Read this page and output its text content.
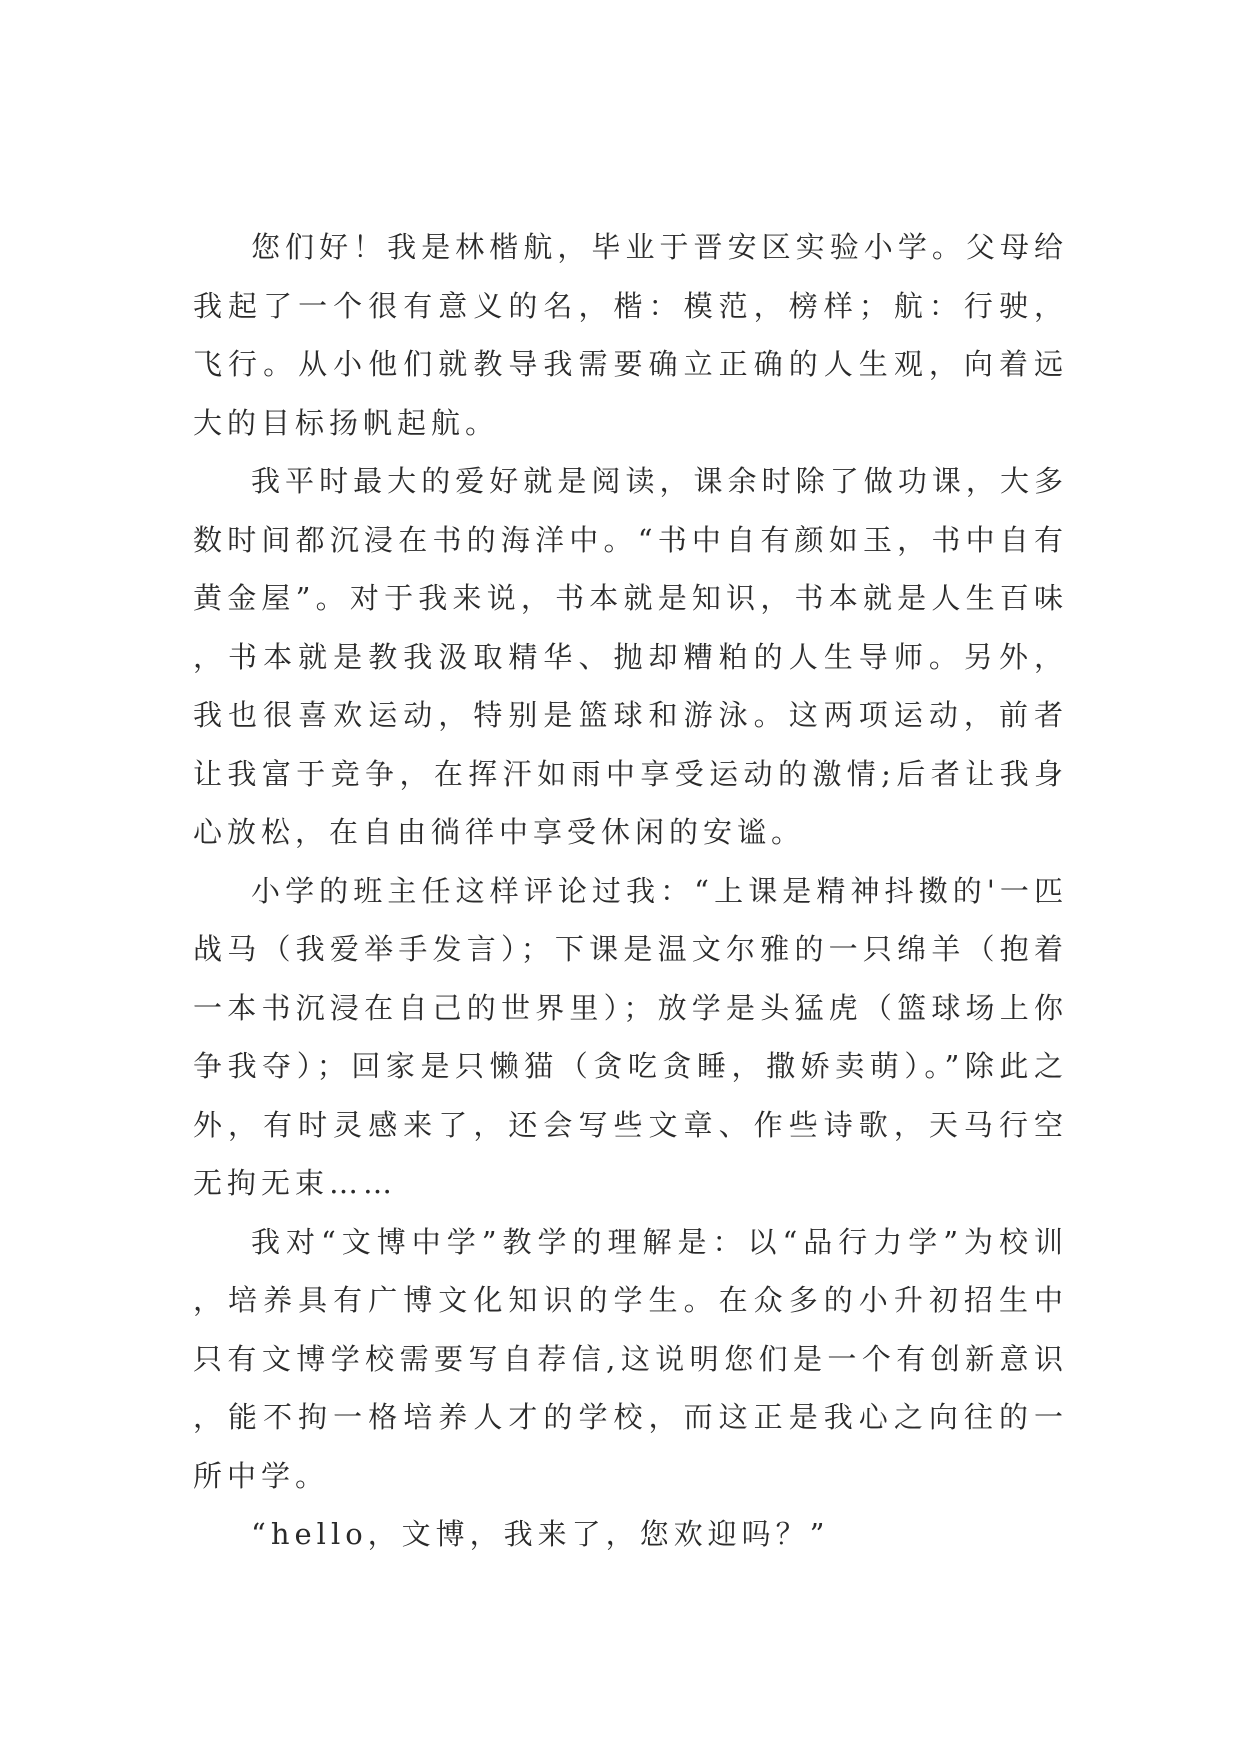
您们好！我是林楷航，毕业于晋安区实验小学。父母给我起了一个很有意义的名，楷：模范，榜样；航：行驶，飞行。从小他们就教导我需要确立正确的人生观，向着远大的目标扬帆起航。

我平时最大的爱好就是阅读，课余时除了做功课，大多数时间都沉浸在书的海洋中。“书中自有颜如玉，书中自有黄金屋”。对于我来说，书本就是知识，书本就是人生百味，书本就是教我汲取精华、抛却糟粕的人生导师。另外，我也很喜欢运动，特别是篮球和游泳。这两项运动，前者让我富于竞争，在挥汗如雨中享受运动的激情;后者让我身心放松，在自由徜徉中享受休闲的安谧。

小学的班主任这样评论过我：“上课是精神抖擞的'一匹战马（我爱举手发言）；下课是温文尔雅的一只绵羊（抱着一本书沉浸在自己的世界里）；放学是头猛虎（篮球场上你争我夺）；回家是只懒猫（贪吃贪睡，撒娇卖萌）。”除此之外，有时灵感来了，还会写些文章、作些诗歌，天马行空无拘无束……

我对“文博中学”教学的理解是：以“品行力学”为校训，培养具有广博文化知识的学生。在众多的小升初招生中只有文博学校需要写自荐信,这说明您们是一个有创新意识，能不拘一格培养人才的学校，而这正是我心之向往的一所中学。

“hello，文博，我来了，您欢迎吗？”
